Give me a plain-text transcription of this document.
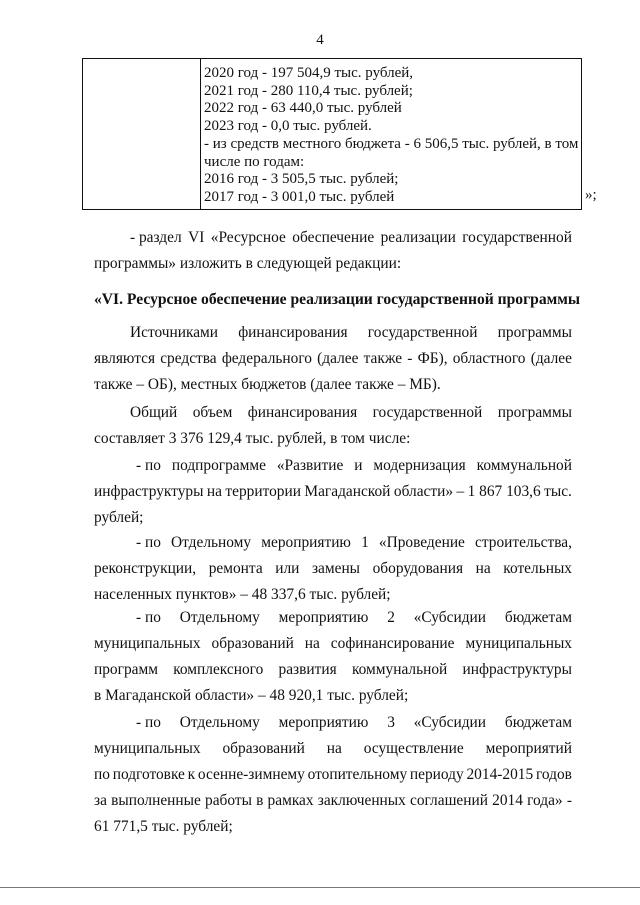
4
2020 год - 197 504,9 тыс. рублей,
2021 год - 280 110,4 тыс. рублей;
2022 год - 63 440,0 тыс. рублей
2023 год - 0,0 тыс. рублей.
- из средств местного бюджета - 6 506,5 тыс. рублей, в том
числе по годам:
2016 год - 3 505,5 тыс. рублей;
2017 год - 3 001,0 тыс. рублей	»;
- раздел VI «Ресурсное обеспечение реализации государственной
программы» изложить в следующей редакции:
«VI. Ресурсное обеспечение реализации государственной программы
Источниками финансирования государственной программы
являются средства федерального (далее также - ФБ), областного (далее
также – ОБ), местных бюджетов (далее также – МБ).
Общий объем финансирования государственной программы
составляет 3 376 129,4 тыс. рублей, в том числе:
- по подпрограмме «Развитие и модернизация коммунальной
инфраструктуры на территории Магаданской области» – 1 867 103,6 тыс.
рублей;
- по Отдельному мероприятию 1 «Проведение строительства,
реконструкции, ремонта или замены оборудования на котельных
населенных пунктов» – 48 337,6 тыс. рублей;
- по Отдельному мероприятию 2 «Субсидии бюджетам
муниципальных образований на софинансирование муниципальных
программ комплексного развития коммунальной инфраструктуры
в Магаданской области» – 48 920,1 тыс. рублей;
- по Отдельному мероприятию 3 «Субсидии бюджетам
муниципальных образований на осуществление мероприятий
по подготовке к осенне-зимнему отопительному периоду 2014-2015 годов
за выполненные работы в рамках заключенных соглашений 2014 года» -
61 771,5 тыс. рублей;
